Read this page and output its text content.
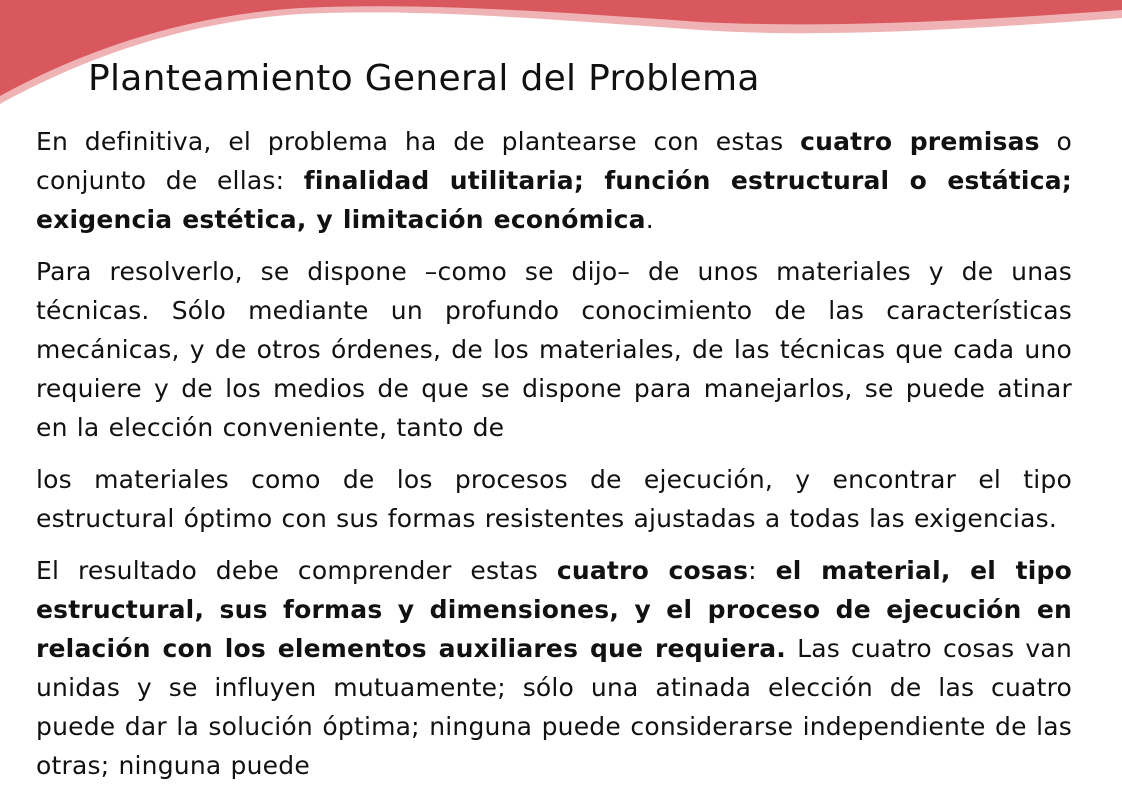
Planteamiento General del Problema

En definitiva, el problema ha de plantearse con estas cuatro premisas o conjunto de ellas: finalidad utilitaria; función estructural o estática; exigencia estética, y limitación económica.

Para resolverlo, se dispone –como se dijo– de unos materiales y de unas técnicas. Sólo mediante un profundo conocimiento de las características mecánicas, y de otros órdenes, de los materiales, de las técnicas que cada uno requiere y de los medios de que se dispone para manejarlos, se puede atinar en la elección conveniente, tanto de

los materiales como de los procesos de ejecución, y encontrar el tipo estructural óptimo con sus formas resistentes ajustadas a todas las exigencias.

El resultado debe comprender estas cuatro cosas: el material, el tipo estructural, sus formas y dimensiones, y el proceso de ejecución en relación con los elementos auxiliares que requiera. Las cuatro cosas van unidas y se influyen mutuamente; sólo una atinada elección de las cuatro puede dar la solución óptima; ninguna puede considerarse independiente de las otras; ninguna puede
